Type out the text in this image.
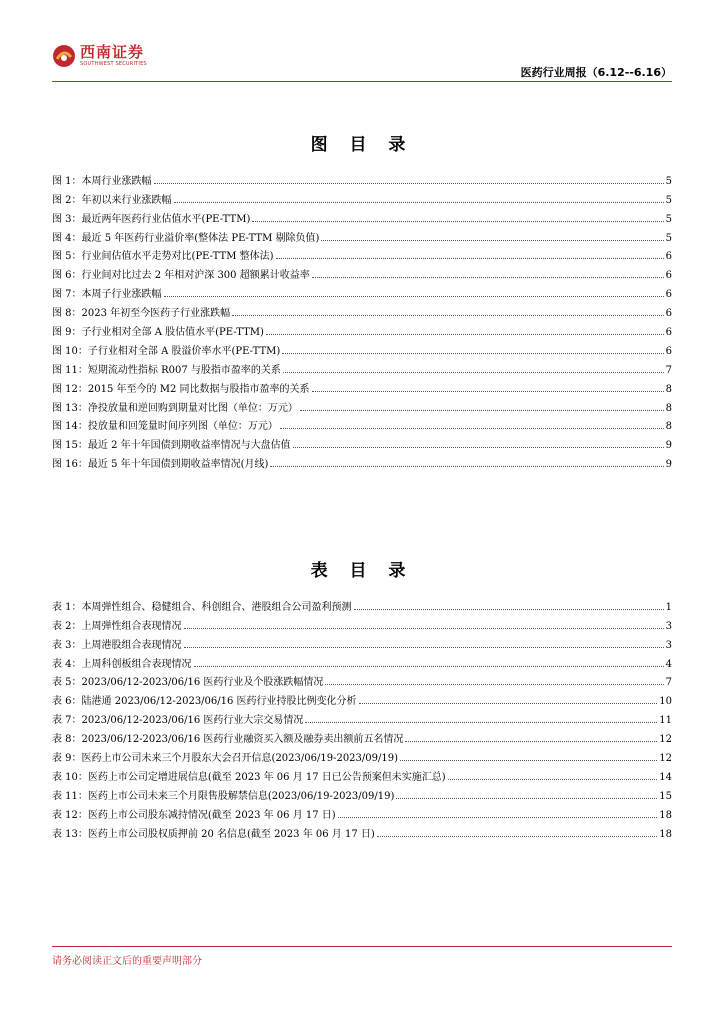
西南证券
SOUTHWEST SECURITIES
医药行业周报（6.12--6.16）
图 目 录
图 1：本周行业涨跌幅	5
图 2：年初以来行业涨跌幅	5
图 3：最近两年医药行业估值水平(PE-TTM)	5
图 4：最近 5 年医药行业溢价率(整体法 PE-TTM 剔除负值)	5
图 5：行业间估值水平走势对比(PE-TTM 整体法)	6
图 6：行业间对比过去 2 年相对沪深 300 超额累计收益率	6
图 7：本周子行业涨跌幅	6
图 8：2023 年初至今医药子行业涨跌幅	6
图 9：子行业相对全部 A 股估值水平(PE-TTM)	6
图 10：子行业相对全部 A 股溢价率水平(PE-TTM)	6
图 11：短期流动性指标 R007 与股指市盈率的关系	7
图 12：2015 年至今的 M2 同比数据与股指市盈率的关系	8
图 13：净投放量和逆回购到期量对比图（单位：万元）	8
图 14：投放量和回笼量时间序列图（单位：万元）	8
图 15：最近 2 年十年国债到期收益率情况与大盘估值	9
图 16：最近 5 年十年国债到期收益率情况(月线)	9
表 目 录
表 1：本周弹性组合、稳健组合、科创组合、港股组合公司盈利预测	1
表 2：上周弹性组合表现情况	3
表 3：上周港股组合表现情况	3
表 4：上周科创板组合表现情况	4
表 5：2023/06/12-2023/06/16 医药行业及个股涨跌幅情况	7
表 6：陆港通 2023/06/12-2023/06/16 医药行业持股比例变化分析	10
表 7：2023/06/12-2023/06/16 医药行业大宗交易情况	11
表 8：2023/06/12-2023/06/16 医药行业融资买入额及融券卖出额前五名情况	12
表 9：医药上市公司未来三个月股东大会召开信息(2023/06/19-2023/09/19)	12
表 10：医药上市公司定增进展信息(截至 2023 年 06 月 17 日已公告预案但未实施汇总)	14
表 11：医药上市公司未来三个月限售股解禁信息(2023/06/19-2023/09/19)	15
表 12：医药上市公司股东减持情况(截至 2023 年 06 月 17 日)	18
表 13：医药上市公司股权质押前 20 名信息(截至 2023 年 06 月 17 日)	18
请务必阅读正文后的重要声明部分
